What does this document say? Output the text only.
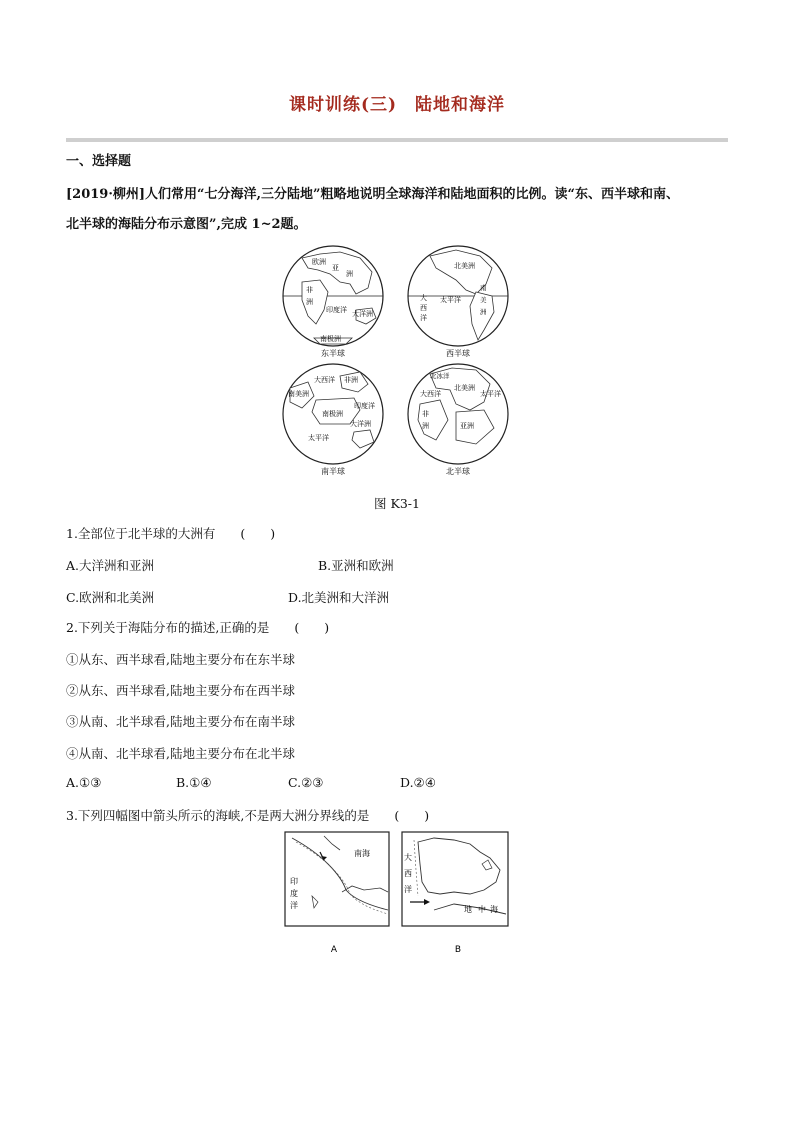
课时训练(三)　陆地和海洋
一、选择题
[2019·柳州]人们常用“七分海洋,三分陆地”粗略地说明全球海洋和陆地面积的比例。读“东、西半球和南、
北半球的海陆分布示意图”,完成 1~2题。
欧洲
亚
洲
非
洲
印度洋 大洋洲
南极洲
东半球
北美洲
大
西
洋
太平洋
南
美
洲
西半球
大西洋 非洲
南美洲
南极洲
印度洋
大洋洲
太平洋
南半球
北冰洋
大西洋
北美洲
太平洋
非
洲	亚洲
北半球
图 K3-1
1.全部位于北半球的大洲有　　(　　)
A.大洋洲和亚洲	B.亚洲和欧洲
C.欧洲和北美洲	D.北美洲和大洋洲
2.下列关于海陆分布的描述,正确的是　　(　　)
①从东、西半球看,陆地主要分布在东半球
②从东、西半球看,陆地主要分布在西半球
③从南、北半球看,陆地主要分布在南半球
④从南、北半球看,陆地主要分布在北半球
A.①③	B.①④	C.②③	D.②④
3.下列四幅图中箭头所示的海峡,不是两大洲分界线的是　　(　　)
南海
印
度
洋
A
大
西
洋
地 中 海
B
